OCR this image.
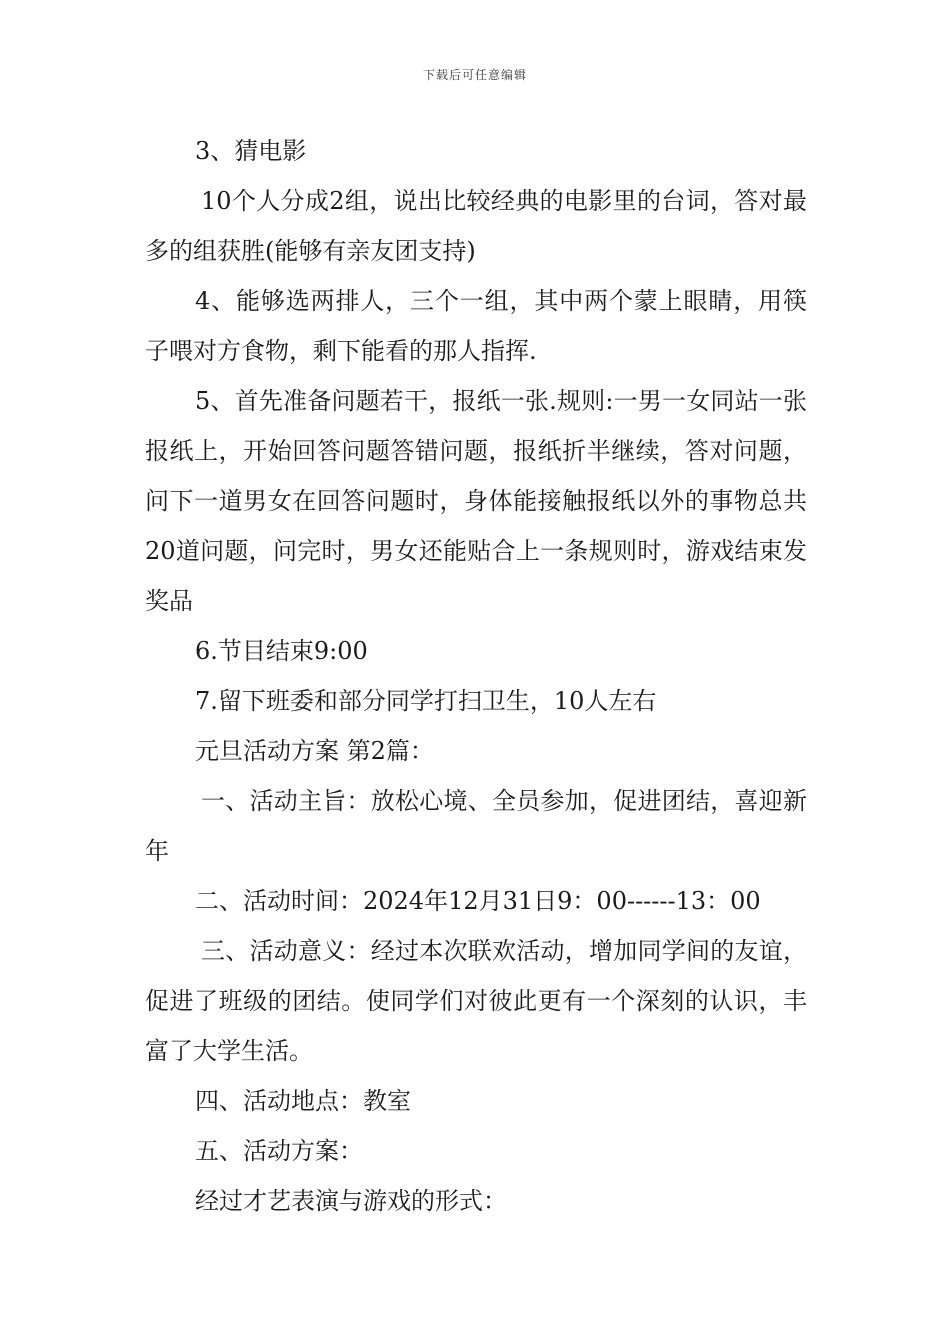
下载后可任意编辑

3、猜电影

10个人分成2组，说出比较经典的电影里的台词，答对最多的组获胜(能够有亲友团支持)

4、能够选两排人，三个一组，其中两个蒙上眼睛，用筷子喂对方食物，剩下能看的那人指挥.

5、首先准备问题若干，报纸一张.规则:一男一女同站一张报纸上，开始回答问题答错问题，报纸折半继续，答对问题，问下一道男女在回答问题时，身体能接触报纸以外的事物总共20道问题，问完时，男女还能贴合上一条规则时，游戏结束发奖品

6.节目结束9:00

7.留下班委和部分同学打扫卫生，10人左右

元旦活动方案 第2篇：

一、活动主旨：放松心境、全员参加，促进团结，喜迎新年

二、活动时间：2024年12月31日9：00------13：00

三、活动意义：经过本次联欢活动，增加同学间的友谊，促进了班级的团结。使同学们对彼此更有一个深刻的认识，丰富了大学生活。

四、活动地点：教室

五、活动方案：

经过才艺表演与游戏的形式：
